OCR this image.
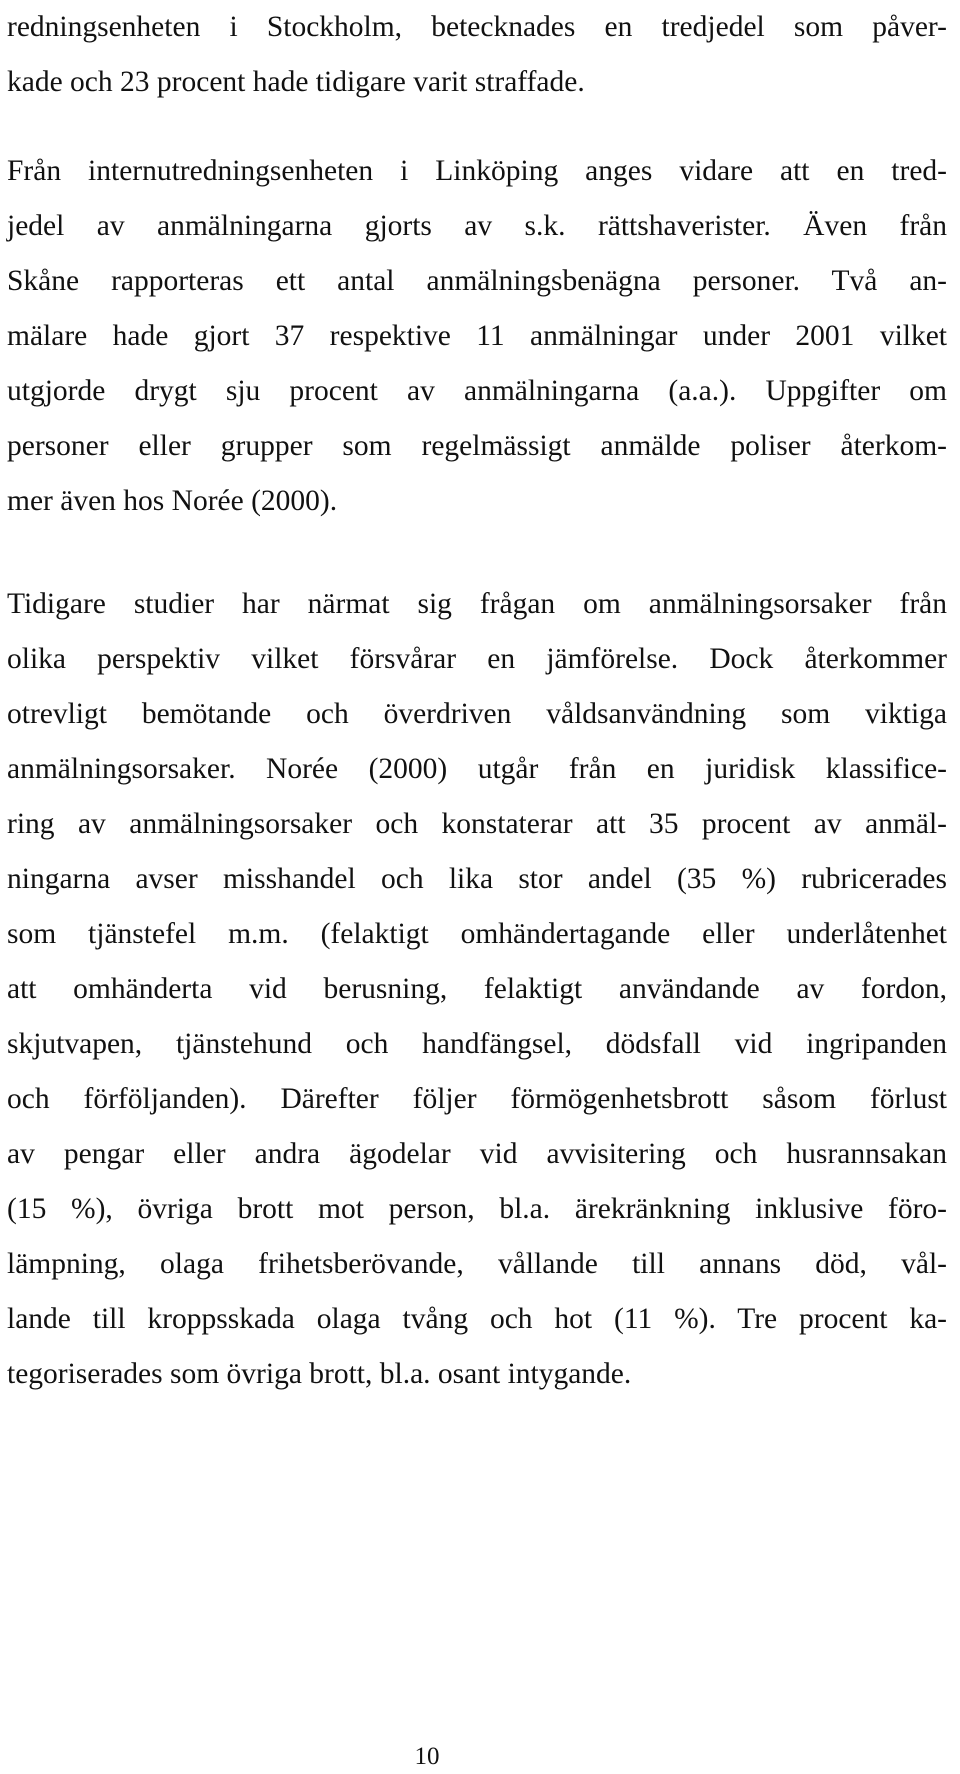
redningsenheten i Stockholm, betecknades en tredjedel som påver-
kade och 23 procent hade tidigare varit straffade.
Från internutredningsenheten i Linköping anges vidare att en tred-
jedel av anmälningarna gjorts av s.k. rättshaverister. Även från
Skåne rapporteras ett antal anmälningsbenägna personer. Två an-
mälare hade gjort 37 respektive 11 anmälningar under 2001 vilket
utgjorde drygt sju procent av anmälningarna (a.a.). Uppgifter om
personer eller grupper som regelmässigt anmälde poliser återkom-
mer även hos Norée (2000).
Tidigare studier har närmat sig frågan om anmälningsorsaker från
olika perspektiv vilket försvårar en jämförelse. Dock återkommer
otrevligt bemötande och överdriven våldsanvändning som viktiga
anmälningsorsaker. Norée (2000) utgår från en juridisk klassifice-
ring av anmälningsorsaker och konstaterar att 35 procent av anmäl-
ningarna avser misshandel och lika stor andel (35 %) rubricerades
som tjänstefel m.m. (felaktigt omhändertagande eller underlåtenhet
att omhänderta vid berusning, felaktigt användande av fordon,
skjutvapen, tjänstehund och handfängsel, dödsfall vid ingripanden
och förföljanden). Därefter följer förmögenhetsbrott såsom förlust
av pengar eller andra ägodelar vid avvisitering och husrannsakan
(15 %), övriga brott mot person, bl.a. ärekränkning inklusive föro-
lämpning, olaga frihetsberövande, vållande till annans död, vål-
lande till kroppsskada olaga tvång och hot (11 %). Tre procent ka-
tegoriserades som övriga brott, bl.a. osant intygande.
10
